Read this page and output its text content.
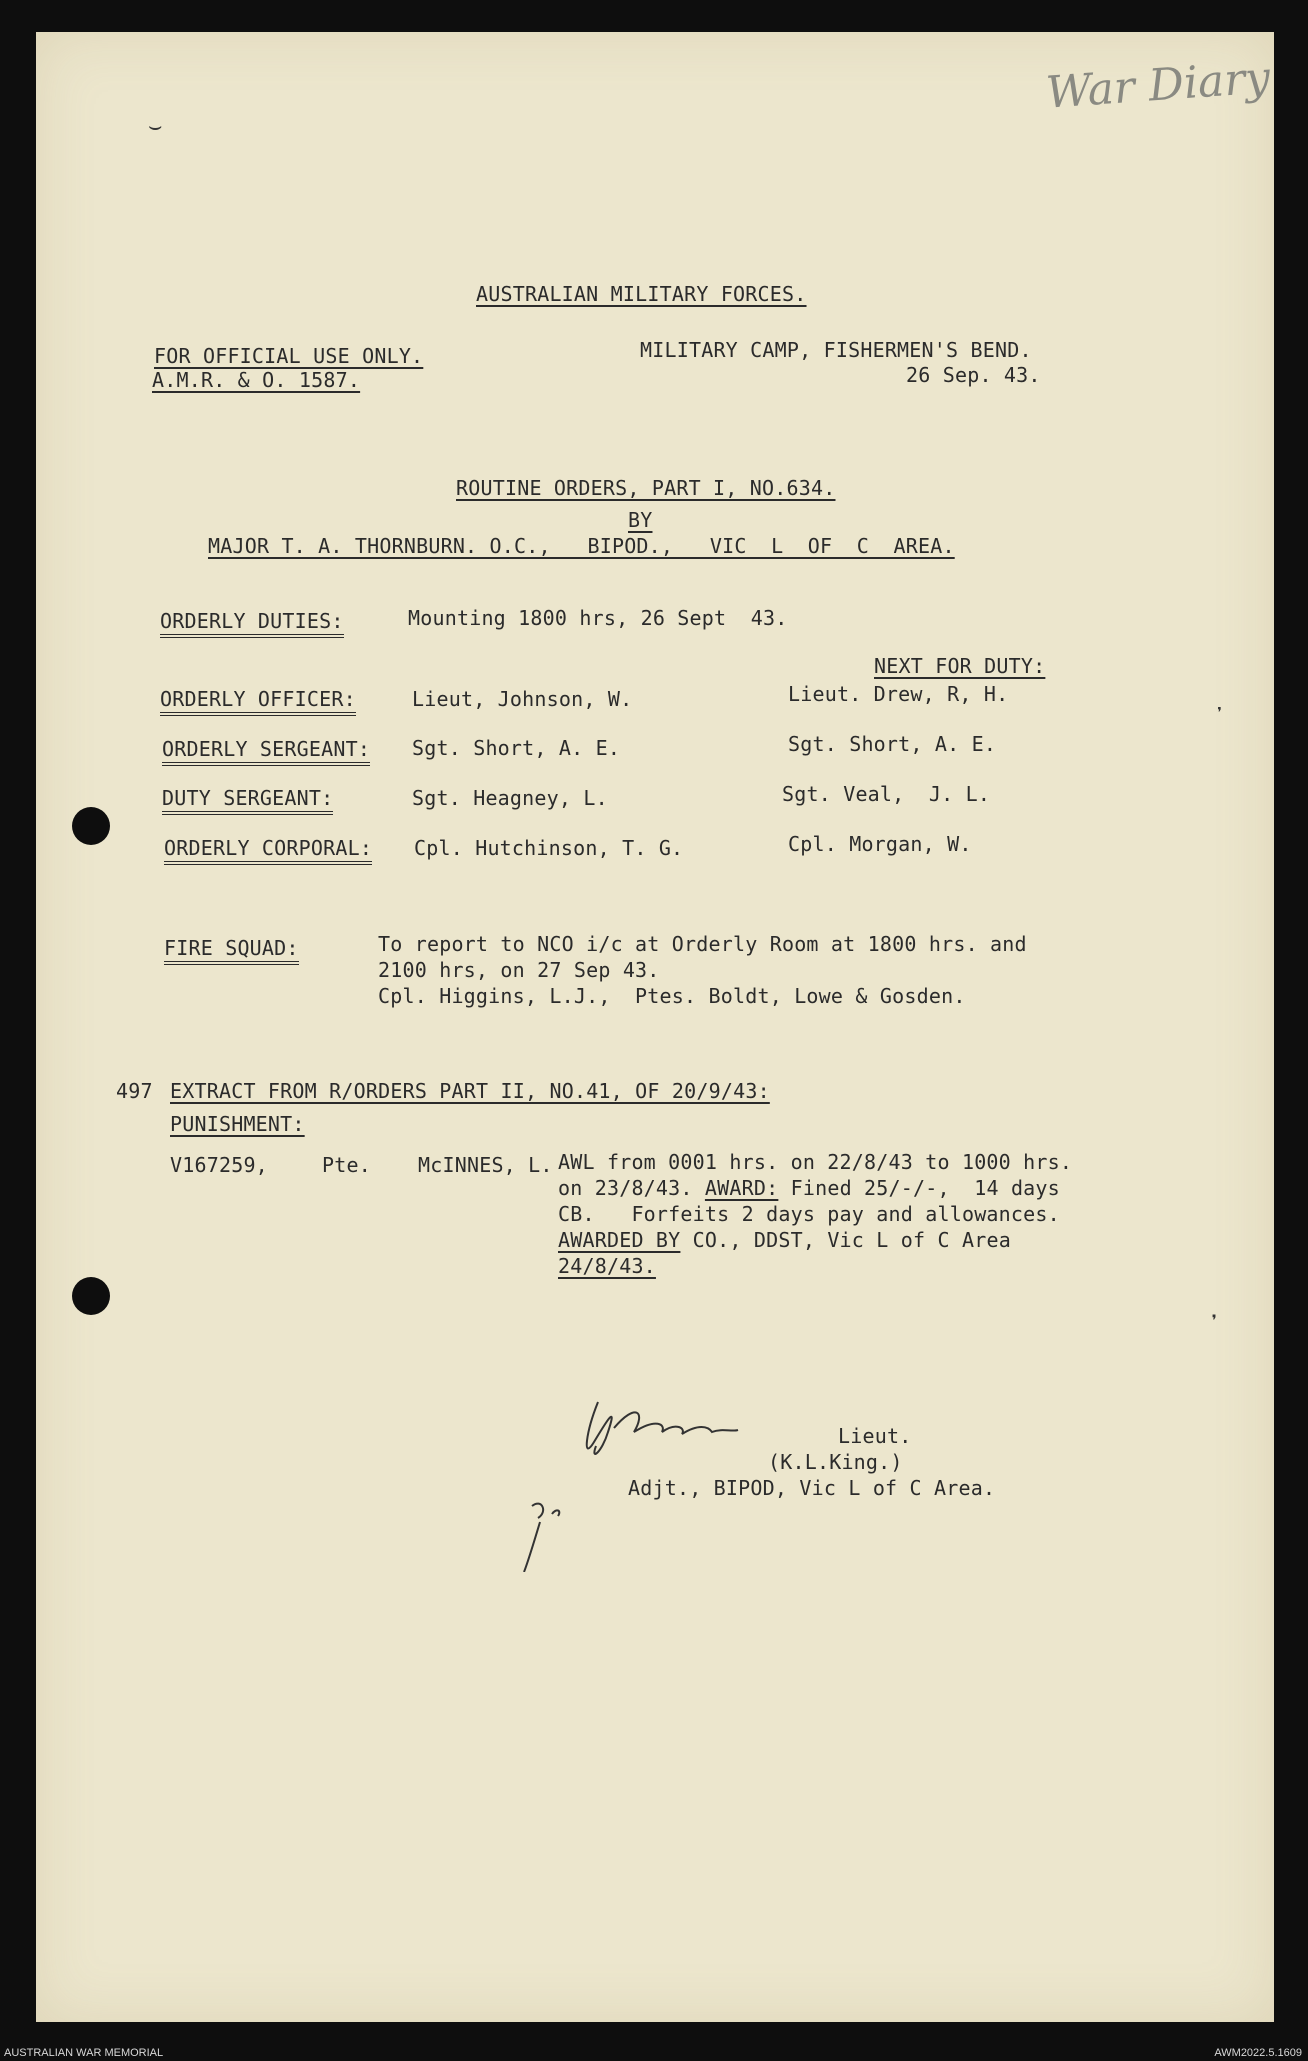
War Diary
⌣
❜
❜
AUSTRALIAN MILITARY FORCES.
FOR OFFICIAL USE ONLY.
A.M.R. & O. 1587.
MILITARY CAMP, FISHERMEN'S BEND.
26 Sep. 43.
ROUTINE ORDERS, PART I, NO.634.
BY
MAJOR T. A. THORNBURN. O.C.,   BIPOD.,   VIC  L  OF  C  AREA.
ORDERLY DUTIES:	Mounting 1800 hrs, 26 Sept  43.
NEXT FOR DUTY:
ORDERLY OFFICER:	Lieut, Johnson, W.	Lieut. Drew, R, H.
ORDERLY SERGEANT: Sgt. Short, A. E.	Sgt. Short, A. E.
DUTY SERGEANT:	Sgt. Heagney, L.	Sgt. Veal,  J. L.
ORDERLY CORPORAL: Cpl. Hutchinson, T. G.	Cpl. Morgan, W.
FIRE SQUAD:	To report to NCO i/c at Orderly Room at 1800 hrs. and
2100 hrs, on 27 Sep 43.
Cpl. Higgins, L.J.,  Ptes. Boldt, Lowe & Gosden.
497 EXTRACT FROM R/ORDERS PART II, NO.41, OF 20/9/43:
PUNISHMENT:
V167259,	Pte. McINNES, L. AWL from 0001 hrs. on 22/8/43 to 1000 hrs.
on 23/8/43. AWARD: Fined 25/-/-,  14 days
CB.   Forfeits 2 days pay and allowances.
AWARDED BY CO., DDST, Vic L of C Area
24/8/43.
Lieut.
(K.L.King.)
Adjt., BIPOD, Vic L of C Area.
AUSTRALIAN WAR MEMORIAL	AWM2022.5.1609
